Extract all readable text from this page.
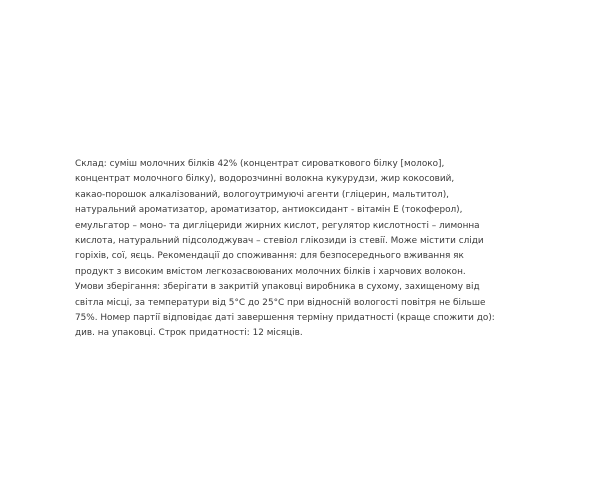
Склад: суміш молочних білків 42% (концентрат сироваткового білку [молоко],
концентрат молочного білку), водорозчинні волокна кукурудзи, жир кокосовий,
какао-порошок алкалізований, вологоутримуючі агенти (гліцерин, мальтитол),
натуральний ароматизатор, ароматизатор, антиоксидант - вітамін Е (токоферол),
емульгатор – моно- та дигліцериди жирних кислот, регулятор кислотності – лимонна
кислота, натуральний підсолоджувач – стевіол глікозиди із стевії. Може містити сліди
горіхів, сої, яєць. Рекомендації до споживання: для безпосереднього вживання як
продукт з високим вмістом легкозасвоюваних молочних білків і харчових волокон.
Умови зберігання: зберігати в закритій упаковці виробника в сухому, захищеному від
світла місці, за температури від 5°С до 25°С при відносній вологості повітря не більше
75%. Номер партії відповідає даті завершення терміну придатності (краще спожити до):
див. на упаковці. Строк придатності: 12 місяців.
